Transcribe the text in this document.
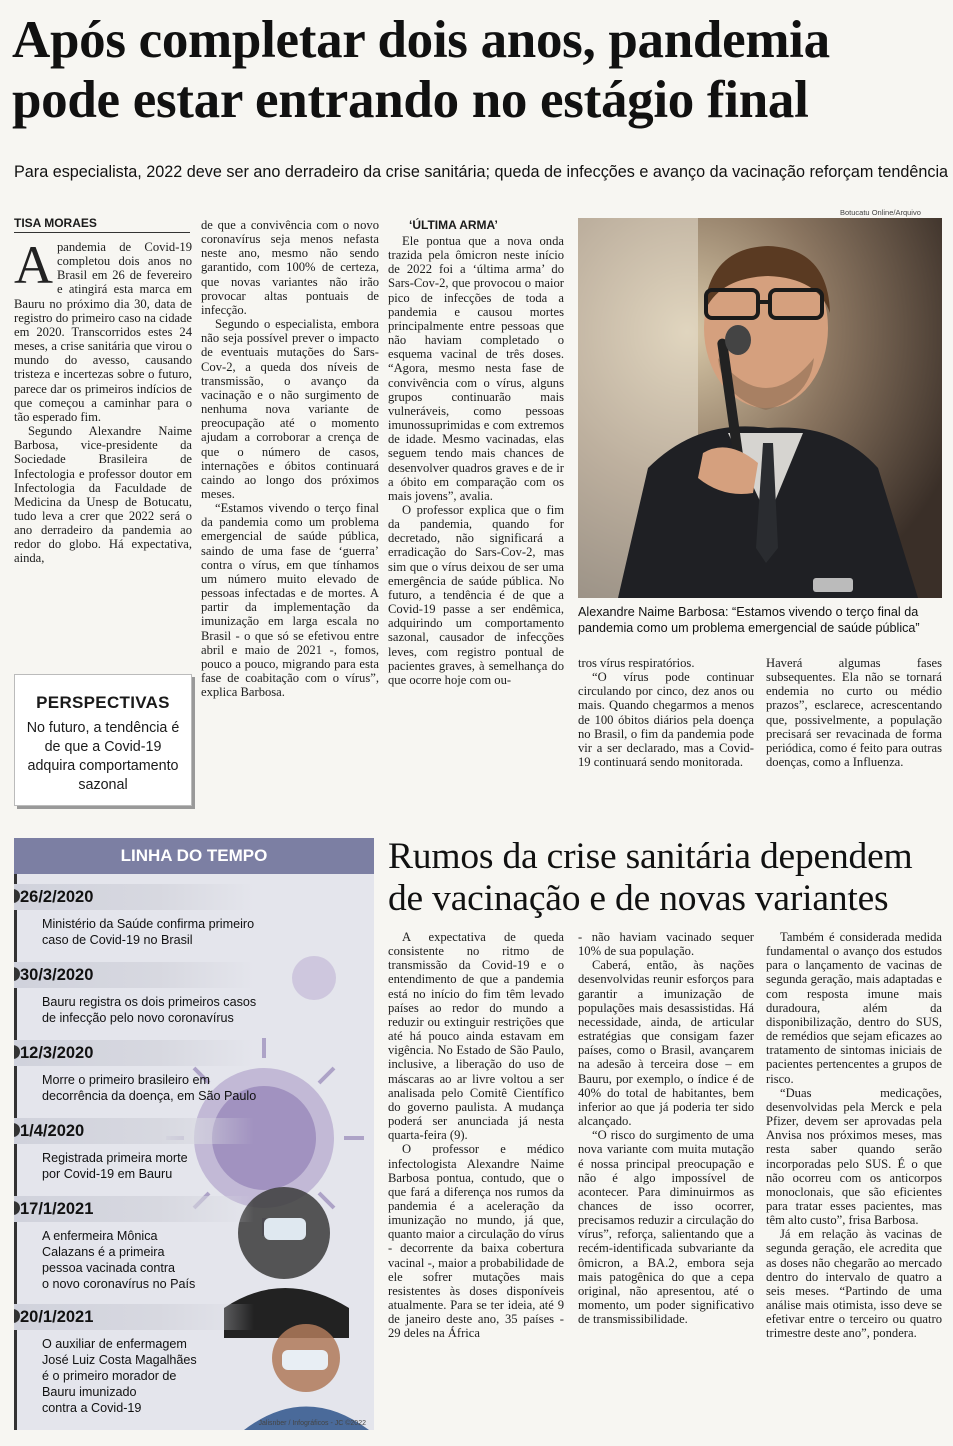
Após completar dois anos, pandemia
pode estar entrando no estágio final
Para especialista, 2022 deve ser ano derradeiro da crise sanitária; queda de infecções e avanço da vacinação reforçam tendência
TISA MORAES

Apandemia de Covid-19 completou dois anos no Brasil em 26 de fevereiro e atingirá esta marca em Bauru no próximo dia 30, data de registro do primeiro caso na cidade em 2020. Transcorridos estes 24 meses, a crise sanitária que virou o mundo do avesso, causando tristeza e incertezas sobre o futuro, parece dar os primeiros indícios de que começou a caminhar para o tão esperado fim.

Segundo Alexandre Naime Barbosa, vice-presidente da Sociedade Brasileira de Infectologia e professor doutor em Infectologia da Faculdade de Medicina da Unesp de Botucatu, tudo leva a crer que 2022 será o ano derradeiro da pandemia ao redor do globo. Há expectativa, ainda,

PERSPECTIVAS
No futuro, a tendência é de que a Covid-19 adquira comportamento sazonal

de que a convivência com o novo coronavírus seja menos nefasta neste ano, mesmo não sendo garantido, com 100% de certeza, que novas variantes não irão provocar altas pontuais de infecção.

Segundo o especialista, embora não seja possível prever o impacto de eventuais mutações do Sars-Cov-2, a queda dos níveis de transmissão, o avanço da vacinação e o não surgimento de nenhuma nova variante de preocupação até o momento ajudam a corroborar a crença de que o número de casos, internações e óbitos continuará caindo ao longo dos próximos meses.

“Estamos vivendo o terço final da pandemia como um problema emergencial de saúde pública, saindo de uma fase de ‘guerra’ contra o vírus, em que tínhamos um número muito elevado de pessoas infectadas e de mortes. A partir da implementação da imunização em larga escala no Brasil - o que só se efetivou entre abril e maio de 2021 -, fomos, pouco a pouco, migrando para esta fase de coabitação com o vírus”, explica Barbosa.

‘ÚLTIMA ARMA’

Ele pontua que a nova onda trazida pela ômicron neste início de 2022 foi a ‘última arma’ do Sars-Cov-2, que provocou o maior pico de infecções de toda a pandemia e causou mortes principalmente entre pessoas que não haviam completado o esquema vacinal de três doses. “Agora, mesmo nesta fase de convivência com o vírus, alguns grupos continuarão mais vulneráveis, como pessoas imunossuprimidas e com extremos de idade. Mesmo vacinadas, elas seguem tendo mais chances de desenvolver quadros graves e de ir a óbito em comparação com os mais jovens”, avalia.

O professor explica que o fim da pandemia, quando for decretado, não significará a erradicação do Sars-Cov-2, mas sim que o vírus deixou de ser uma emergência de saúde pública. No futuro, a tendência é de que a Covid-19 passe a ser endêmica, adquirindo um comportamento sazonal, causador de infecções leves, com registro pontual de pacientes graves, à semelhança do que ocorre hoje com ou-

Botucatu Online/Arquivo
Alexandre Naime Barbosa: “Estamos vivendo o terço final da pandemia como um problema emergencial de saúde pública”

tros vírus respiratórios.

“O vírus pode continuar circulando por cinco, dez anos ou mais. Quando chegarmos a menos de 100 óbitos diários pela doença no Brasil, o fim da pandemia pode vir a ser declarado, mas a Covid-19 continuará sendo monitorada.

Haverá algumas fases subsequentes. Ela não se tornará endemia no curto ou médio prazos”, esclarece, acrescentando que, possivelmente, a população precisará ser revacinada de forma periódica, como é feito para outras doenças, como a Influenza.

LINHA DO TEMPO
26/2/2020
Ministério da Saúde confirma primeiro
caso de Covid-19 no Brasil
30/3/2020
Bauru registra os dois primeiros casos
de infecção pelo novo coronavírus
12/3/2020
Morre o primeiro brasileiro em
decorrência da doença, em São Paulo
1/4/2020
Registrada primeira morte
por Covid-19 em Bauru
17/1/2021
A enfermeira Mônica
Calazans é a primeira
pessoa vacinada contra
o novo coronavírus no País
20/1/2021
O auxiliar de enfermagem
José Luiz Costa Magalhães
é o primeiro morador de
Bauru imunizado
contra a Covid-19
Jalisnber / Infográficos - JC ©2022
Rumos da crise sanitária dependem
de vacinação e de novas variantes

A expectativa de queda consistente no ritmo de transmissão da Covid-19 e o entendimento de que a pandemia está no início do fim têm levado países ao redor do mundo a reduzir ou extinguir restrições que até há pouco ainda estavam em vigência. No Estado de São Paulo, inclusive, a liberação do uso de máscaras ao ar livre voltou a ser analisada pelo Comitê Científico do governo paulista. A mudança poderá ser anunciada já nesta quarta-feira (9).

O professor e médico infectologista Alexandre Naime Barbosa pontua, contudo, que o que fará a diferença nos rumos da pandemia é a aceleração da imunização no mundo, já que, quanto maior a circulação do vírus - decorrente da baixa cobertura vacinal -, maior a probabilidade de ele sofrer mutações mais resistentes às doses disponíveis atualmente. Para se ter ideia, até 9 de janeiro deste ano, 35 países - 29 deles na África

- não haviam vacinado sequer 10% de sua população.

Caberá, então, às nações desenvolvidas reunir esforços para garantir a imunização de populações mais desassistidas. Há necessidade, ainda, de articular estratégias que consigam fazer países, como o Brasil, avançarem na adesão à terceira dose – em Bauru, por exemplo, o índice é de 40% do total de habitantes, bem inferior ao que já poderia ter sido alcançado.

“O risco do surgimento de uma nova variante com muita mutação é nossa principal preocupação e não é algo impossível de acontecer. Para diminuirmos as chances de isso ocorrer, precisamos reduzir a circulação do vírus”, reforça, salientando que a recém-identificada subvariante da ômicron, a BA.2, embora seja mais patogênica do que a cepa original, não apresentou, até o momento, um poder significativo de transmissibilidade.

Também é considerada medida fundamental o avanço dos estudos para o lançamento de vacinas de segunda geração, mais adaptadas e com resposta imune mais duradoura, além da disponibilização, dentro do SUS, de remédios que sejam eficazes ao tratamento de sintomas iniciais de pacientes pertencentes a grupos de risco.

“Duas medicações, desenvolvidas pela Merck e pela Pfizer, devem ser aprovadas pela Anvisa nos próximos meses, mas resta saber quando serão incorporadas pelo SUS. É o que não ocorreu com os anticorpos monoclonais, que são eficientes para tratar esses pacientes, mas têm alto custo”, frisa Barbosa.

Já em relação às vacinas de segunda geração, ele acredita que as doses não chegarão ao mercado dentro do intervalo de quatro a seis meses. “Partindo de uma análise mais otimista, isso deve se efetivar entre o terceiro ou quatro trimestre deste ano”, pondera.
